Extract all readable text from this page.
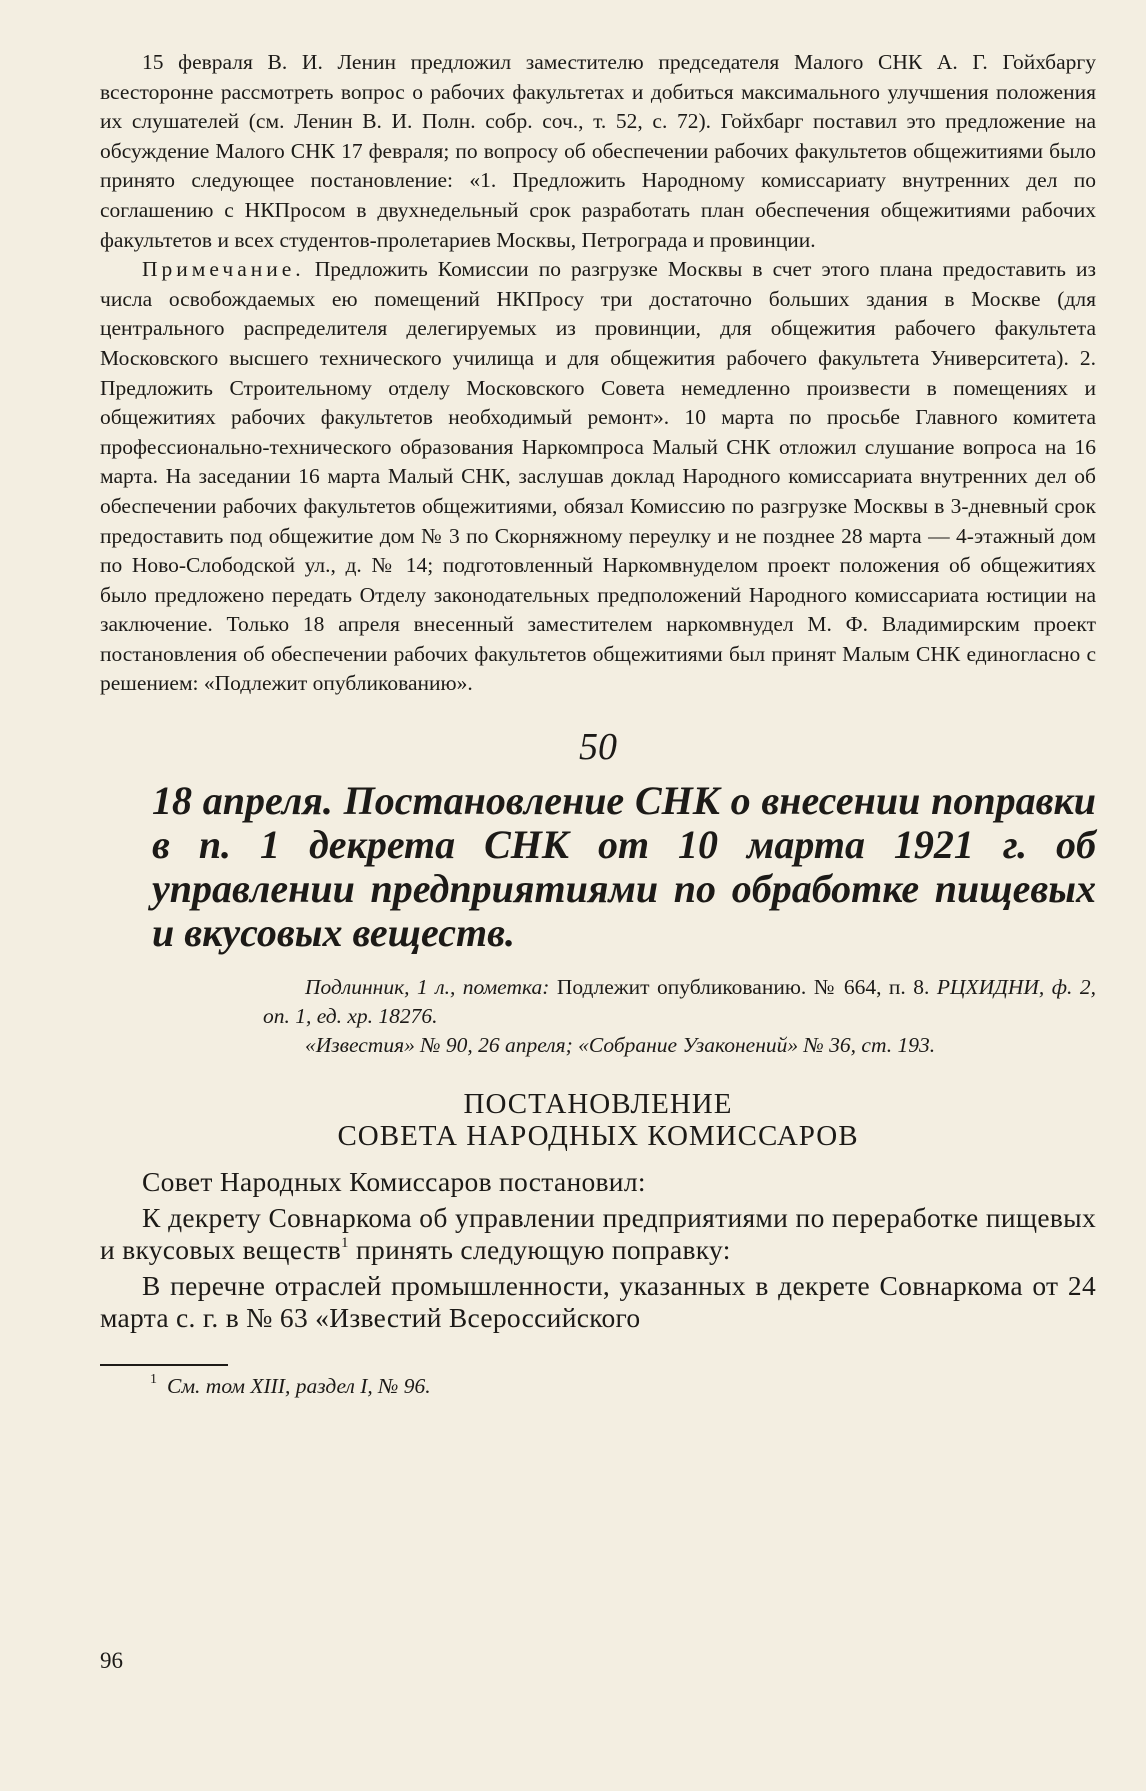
15 февраля В. И. Ленин предложил заместителю председателя Малого СНК А. Г. Гойхбаргу всесторонне рассмотреть вопрос о рабочих факультетах и добиться максимального улучшения положения их слушателей (см. Ленин В. И. Полн. собр. соч., т. 52, с. 72). Гойхбарг поставил это предложение на обсуждение Малого СНК 17 февраля; по вопросу об обеспечении рабочих факультетов общежитиями было принято следующее постановление: «1. Предложить Народному комиссариату внутренних дел по соглашению с НКПросом в двухнедельный срок разработать план обеспечения общежитиями рабочих факультетов и всех студентов-пролетариев Москвы, Петрограда и провинции.

Примечание. Предложить Комиссии по разгрузке Москвы в счет этого плана предоставить из числа освобождаемых ею помещений НКПросу три достаточно больших здания в Москве (для центрального распределителя делегируемых из провинции, для общежития рабочего факультета Московского высшего технического училища и для общежития рабочего факультета Университета). 2. Предложить Строительному отделу Московского Совета немедленно произвести в помещениях и общежитиях рабочих факультетов необходимый ремонт». 10 марта по просьбе Главного комитета профессионально-технического образования Наркомпроса Малый СНК отложил слушание вопроса на 16 марта. На заседании 16 марта Малый СНК, заслушав доклад Народного комиссариата внутренних дел об обеспечении рабочих факультетов общежитиями, обязал Комиссию по разгрузке Москвы в 3-дневный срок предоставить под общежитие дом № 3 по Скорняжному переулку и не позднее 28 марта — 4-этажный дом по Ново-Слободской ул., д. № 14; подготовленный Наркомвнуделом проект положения об общежитиях было предложено передать Отделу законодательных предположений Народного комиссариата юстиции на заключение. Только 18 апреля внесенный заместителем наркомвнудел М. Ф. Владимирским проект постановления об обеспечении рабочих факультетов общежитиями был принят Малым СНК единогласно с решением: «Подлежит опубликованию».

50
18 апреля. Постановление СНК о внесении поправки в п. 1 декрета СНК от 10 марта 1921 г. об управлении предприятиями по обработке пищевых и вкусовых веществ.

Подлинник, 1 л., пометка: Подлежит опубликованию. № 664, п. 8. РЦХИДНИ, ф. 2, оп. 1, ед. хр. 18276.

«Известия» № 90, 26 апреля; «Собрание Узаконений» № 36, ст. 193.

ПОСТАНОВЛЕНИЕ
СОВЕТА НАРОДНЫХ КОМИССАРОВ

Совет Народных Комиссаров постановил:

К декрету Совнаркома об управлении предприятиями по переработке пищевых и вкусовых веществ$^1$ принять следующую поправку:

В перечне отраслей промышленности, указанных в декрете Совнаркома от 24 марта с. г. в № 63 «Известий Всероссийского

$^1$ См. том XIII, раздел I, № 96.
96
